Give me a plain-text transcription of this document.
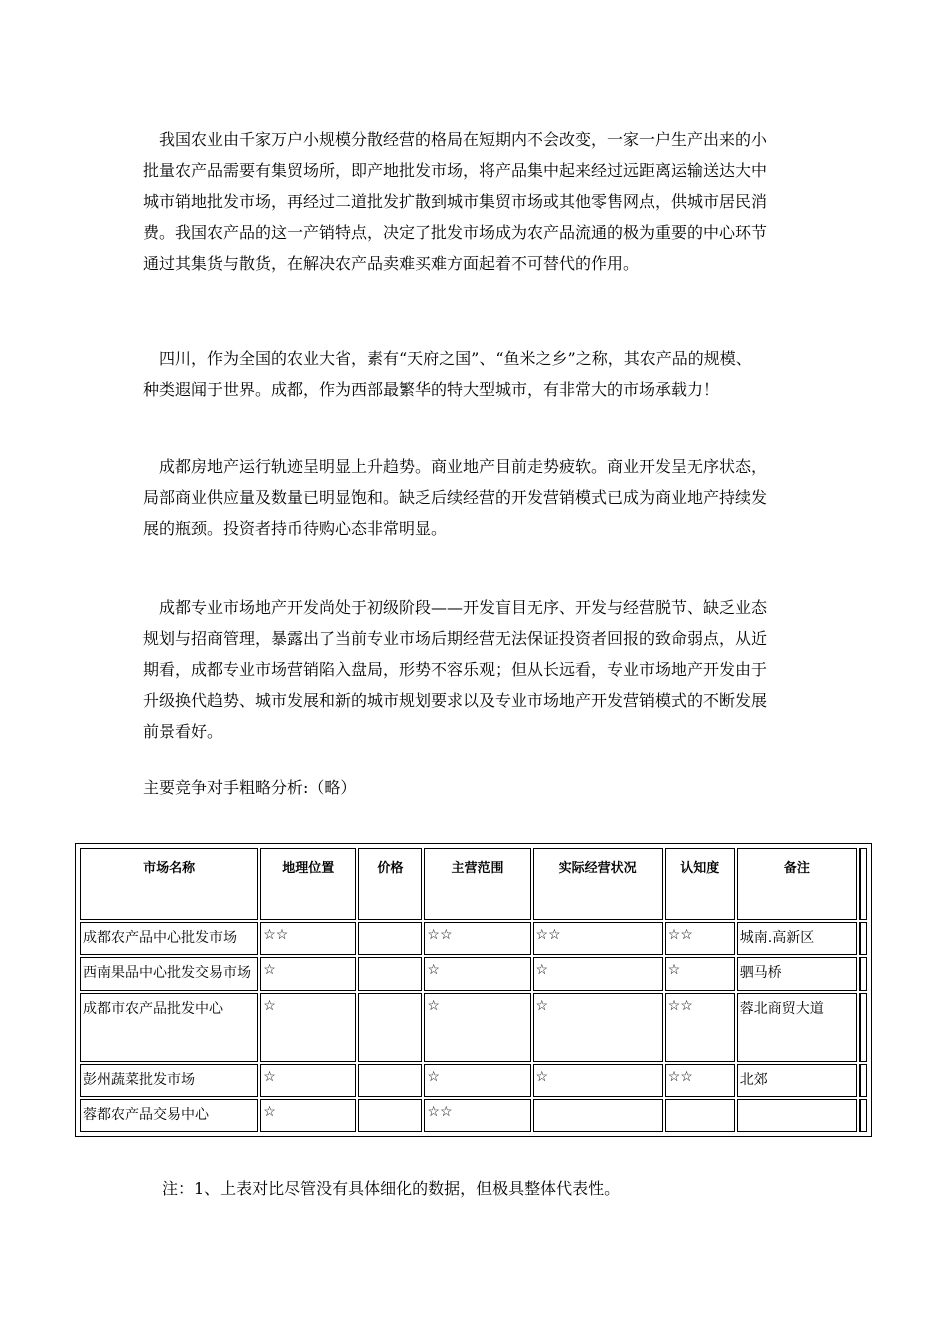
　我国农业由千家万户小规模分散经营的格局在短期内不会改变，一家一户生产出来的小
批量农产品需要有集贸场所，即产地批发市场，将产品集中起来经过远距离运输送达大中
城市销地批发市场，再经过二道批发扩散到城市集贸市场或其他零售网点，供城市居民消
费。我国农产品的这一产销特点，决定了批发市场成为农产品流通的极为重要的中心环节
通过其集货与散货，在解决农产品卖难买难方面起着不可替代的作用。
　四川，作为全国的农业大省，素有“天府之国”、“鱼米之乡”之称，其农产品的规模、
种类遐闻于世界。成都，作为西部最繁华的特大型城市，有非常大的市场承载力！
　成都房地产运行轨迹呈明显上升趋势。商业地产目前走势疲软。商业开发呈无序状态，
局部商业供应量及数量已明显饱和。缺乏后续经营的开发营销模式已成为商业地产持续发
展的瓶颈。投资者持币待购心态非常明显。
　成都专业市场地产开发尚处于初级阶段——开发盲目无序、开发与经营脱节、缺乏业态
规划与招商管理，暴露出了当前专业市场后期经营无法保证投资者回报的致命弱点，从近
期看，成都专业市场营销陷入盘局，形势不容乐观；但从长远看，专业市场地产开发由于
升级换代趋势、城市发展和新的城市规划要求以及专业市场地产开发营销模式的不断发展
前景看好。
主要竞争对手粗略分析:（略）
市场名称	地理位置	价格	主营范围	实际经营状况	认知度	备注	
成都农产品中心批发市场	☆☆		☆☆	☆☆	☆☆	城南.高新区	
西南果品中心批发交易市场	☆		☆	☆	☆	驷马桥	
成都市农产品批发中心	☆		☆	☆	☆☆	蓉北商贸大道	
彭州蔬菜批发市场	☆		☆	☆	☆☆	北郊	
蓉都农产品交易中心	☆		☆☆				
注：1、上表对比尽管没有具体细化的数据，但极具整体代表性。
